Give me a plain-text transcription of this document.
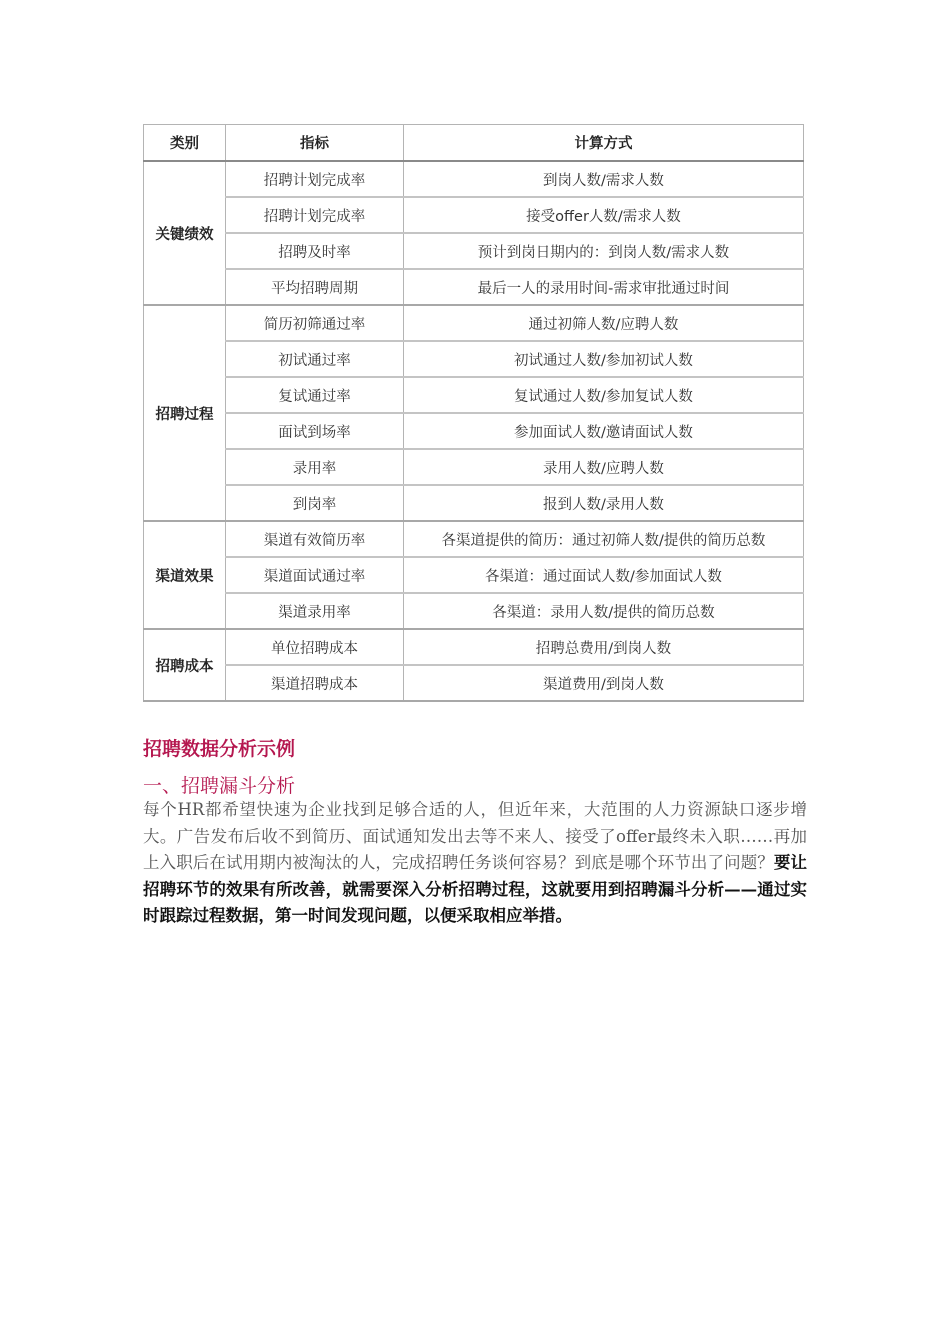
类别	指标	计算方式
关键绩效	招聘计划完成率	到岗人数/需求人数
	招聘计划完成率	接受offer人数/需求人数
	招聘及时率	预计到岗日期内的：到岗人数/需求人数
	平均招聘周期	最后一人的录用时间-需求审批通过时间
招聘过程	简历初筛通过率	通过初筛人数/应聘人数
	初试通过率	初试通过人数/参加初试人数
	复试通过率	复试通过人数/参加复试人数
	面试到场率	参加面试人数/邀请面试人数
	录用率	录用人数/应聘人数
	到岗率	报到人数/录用人数
渠道效果	渠道有效简历率	各渠道提供的简历：通过初筛人数/提供的简历总数
	渠道面试通过率	各渠道：通过面试人数/参加面试人数
	渠道录用率	各渠道：录用人数/提供的简历总数
招聘成本	单位招聘成本	招聘总费用/到岗人数
	渠道招聘成本	渠道费用/到岗人数
招聘数据分析示例
一、招聘漏斗分析

每个HR都希望快速为企业找到足够合适的人，但近年来，大范围的人力资源缺口逐步增大。广告发布后收不到简历、面试通知发出去等不来人、接受了offer最终未入职……再加上入职后在试用期内被淘汰的人，完成招聘任务谈何容易？到底是哪个环节出了问题？要让招聘环节的效果有所改善，就需要深入分析招聘过程，这就要用到招聘漏斗分析——通过实时跟踪过程数据，第一时间发现问题，以便采取相应举措。
